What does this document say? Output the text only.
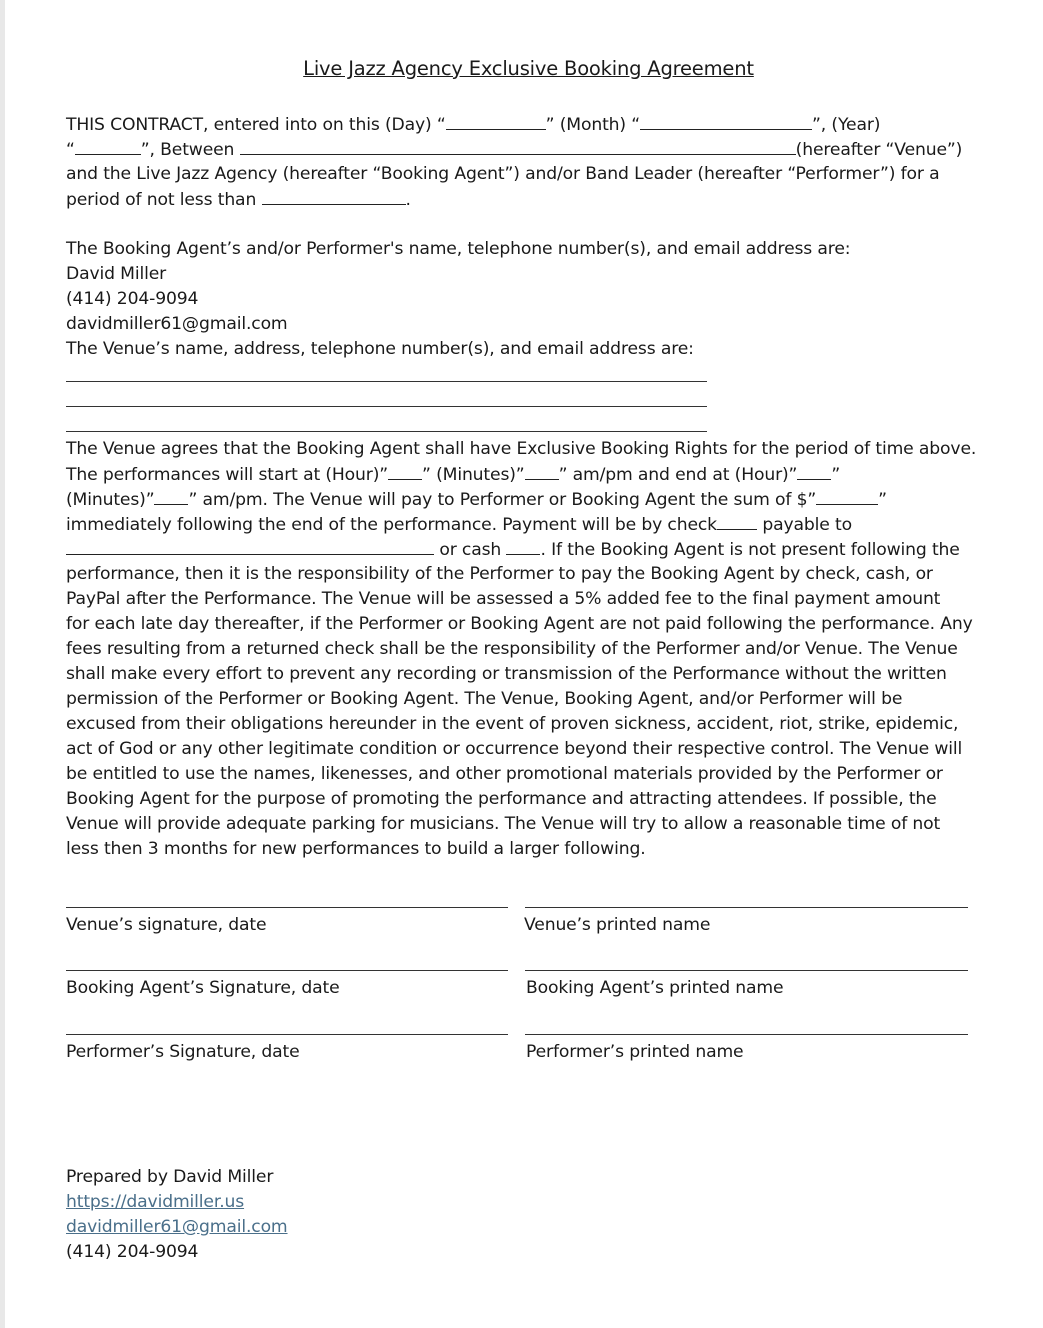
Live Jazz Agency Exclusive Booking Agreement
THIS CONTRACT, entered into on this (Day) “	” (Month) “	”, (Year)
“	”, Between	(hereafter “Venue”)
and the Live Jazz Agency (hereafter “Booking Agent”) and/or Band Leader (hereafter “Performer”) for a
period of not less than	.
The Booking Agent’s and/or Performer's name, telephone number(s), and email address are:
David Miller
(414) 204-9094
davidmiller61@gmail.com
The Venue’s name, address, telephone number(s), and email address are:
The Venue agrees that the Booking Agent shall have Exclusive Booking Rights for the period of time above.
The performances will start at (Hour)” ” (Minutes)” ” am/pm and end at (Hour)” ”
(Minutes)” ” am/pm. The Venue will pay to Performer or Booking Agent the sum of $”	”
immediately following the end of the performance. Payment will be by check	payable to
or cash . If the Booking Agent is not present following the
performance, then it is the responsibility of the Performer to pay the Booking Agent by check, cash, or
PayPal after the Performance. The Venue will be assessed a 5% added fee to the final payment amount
for each late day thereafter, if the Performer or Booking Agent are not paid following the performance. Any
fees resulting from a returned check shall be the responsibility of the Performer and/or Venue. The Venue
shall make every effort to prevent any recording or transmission of the Performance without the written
permission of the Performer or Booking Agent. The Venue, Booking Agent, and/or Performer will be
excused from their obligations hereunder in the event of proven sickness, accident, riot, strike, epidemic,
act of God or any other legitimate condition or occurrence beyond their respective control. The Venue will
be entitled to use the names, likenesses, and other promotional materials provided by the Performer or
Booking Agent for the purpose of promoting the performance and attracting attendees. If possible, the
Venue will provide adequate parking for musicians. The Venue will try to allow a reasonable time of not
less then 3 months for new performances to build a larger following.
Venue’s signature, date	Venue’s printed name
Booking Agent’s Signature, date	Booking Agent’s printed name
Performer’s Signature, date	Performer’s printed name
Prepared by David Miller
https://davidmiller.us
davidmiller61@gmail.com
(414) 204-9094
